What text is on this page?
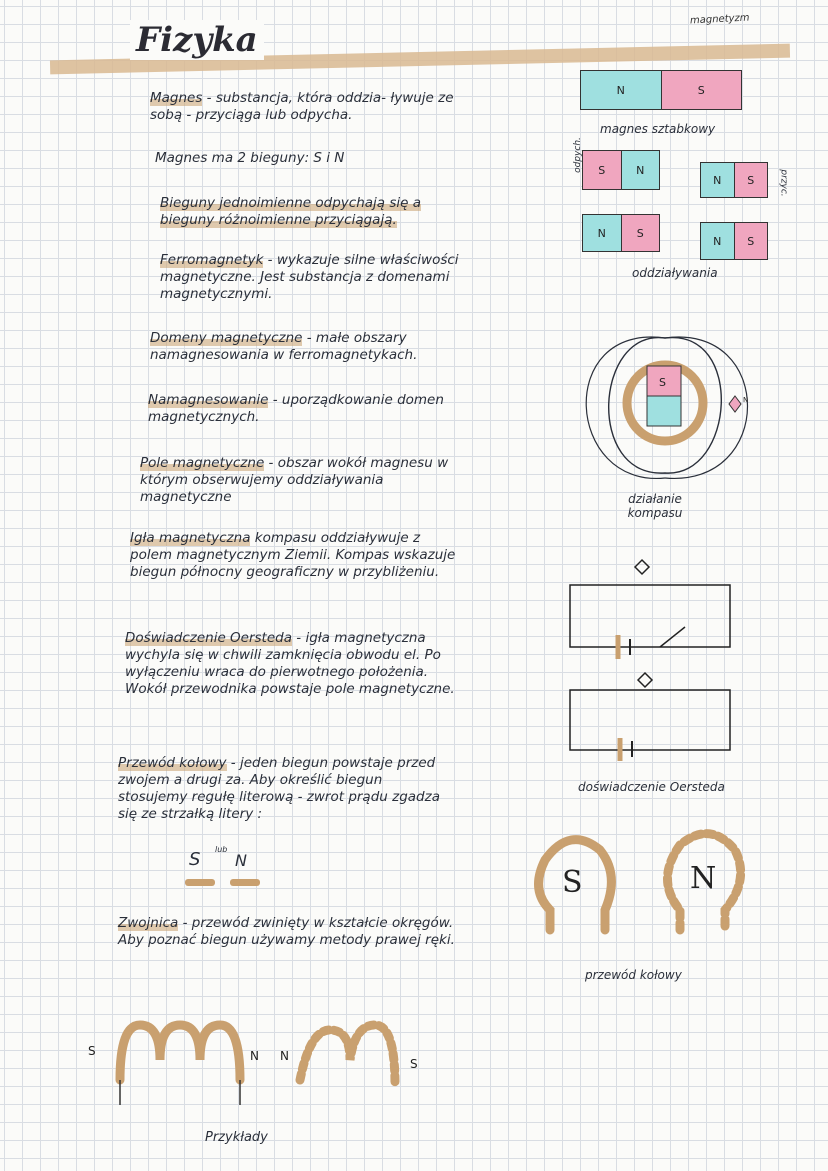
Fizyka
magnetyzm
Magnes - substancja, która oddzia- ływuje ze sobą - przyciąga lub odpycha.
Magnes ma 2 bieguny: S i N
Bieguny jednoimienne odpychają się a bieguny różnoimienne przyciągają.
Ferromagnetyk - wykazuje silne właściwości magnetyczne. Jest substancja z domenami magnetycznymi.
Domeny magnetyczne - małe obszary namagnesowania w ferromagnetykach.
Namagnesowanie - uporządkowanie domen magnetycznych.
Pole magnetyczne - obszar wokół magnesu w którym obserwujemy oddziaływania magnetyczne
Igła magnetyczna kompasu oddziaływuje z polem magnetycznym Ziemii. Kompas wskazuje biegun północny geograficzny w przybliżeniu.
Doświadczenie Oersteda - igła magnetyczna wychyla się w chwili zamknięcia obwodu el. Po wyłączeniu wraca do pierwotnego położenia. Wokół przewodnika powstaje pole magnetyczne.
Przewód kołowy - jeden biegun powstaje przed zwojem a drugi za. Aby określić biegun stosujemy regułę literową - zwrot prądu zgadza się ze strzałką litery :
S lub
N
Zwojnica - przewód zwinięty w kształcie okręgów. Aby poznać biegun używamy metody prawej ręki.
S	N N
S
Przykłady
N	S
magnes sztabkowy
odpych.
przyc.
S	N
N	S
N	S
N	S
oddziaływania
S
N
działanie kompasu
doświadczenie Oersteda
S	N
przewód kołowy
